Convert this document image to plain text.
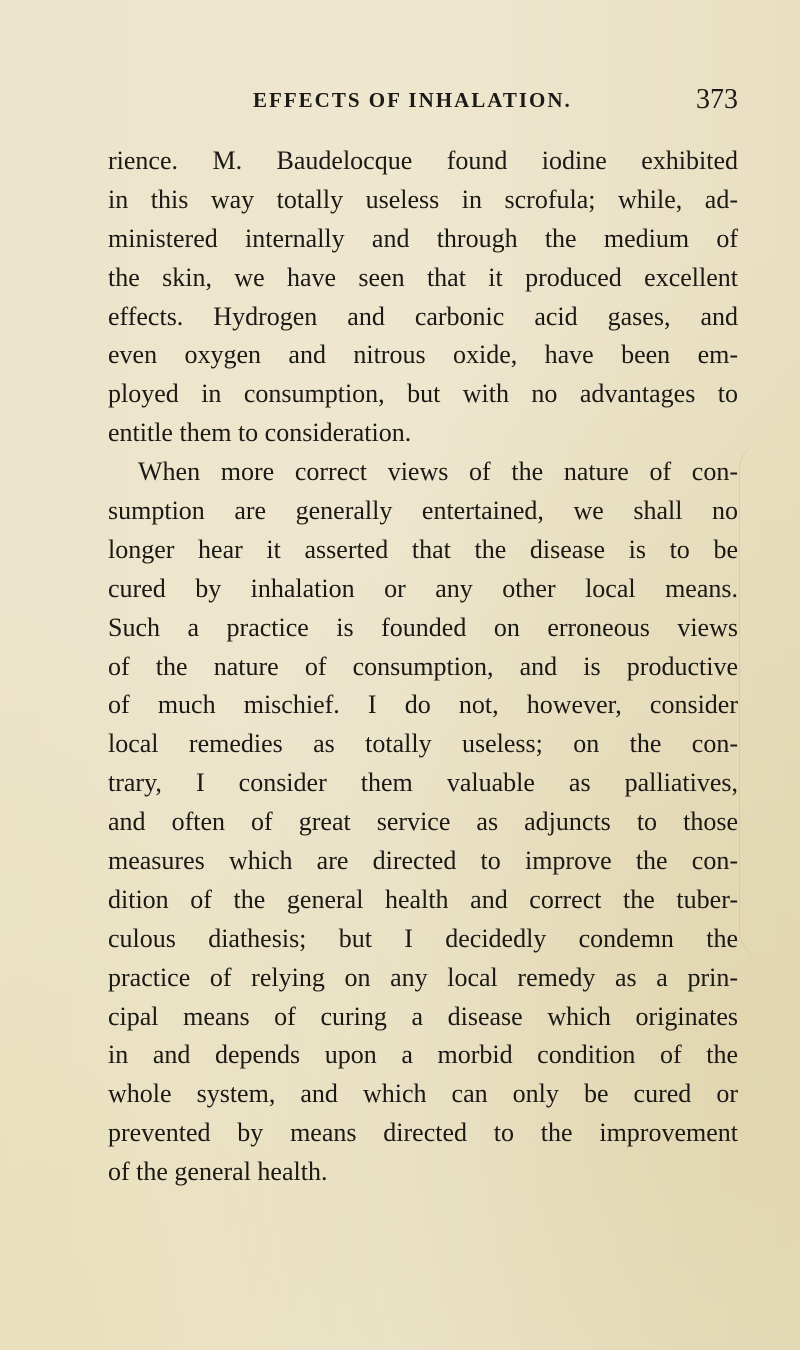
EFFECTS OF INHALATION.	373
rience. M. Baudelocque found iodine exhibited
in this way totally useless in scrofula; while, ad-
ministered internally and through the medium of
the skin, we have seen that it produced excellent
effects. Hydrogen and carbonic acid gases, and
even oxygen and nitrous oxide, have been em-
ployed in consumption, but with no advantages to
entitle them to consideration.
When more correct views of the nature of con-
sumption are generally entertained, we shall no
longer hear it asserted that the disease is to be
cured by inhalation or any other local means.
Such a practice is founded on erroneous views
of the nature of consumption, and is productive
of much mischief. I do not, however, consider
local remedies as totally useless; on the con-
trary, I consider them valuable as palliatives,
and often of great service as adjuncts to those
measures which are directed to improve the con-
dition of the general health and correct the tuber-
culous diathesis; but I decidedly condemn the
practice of relying on any local remedy as a prin-
cipal means of curing a disease which originates
in and depends upon a morbid condition of the
whole system, and which can only be cured or
prevented by means directed to the improvement
of the general health.
